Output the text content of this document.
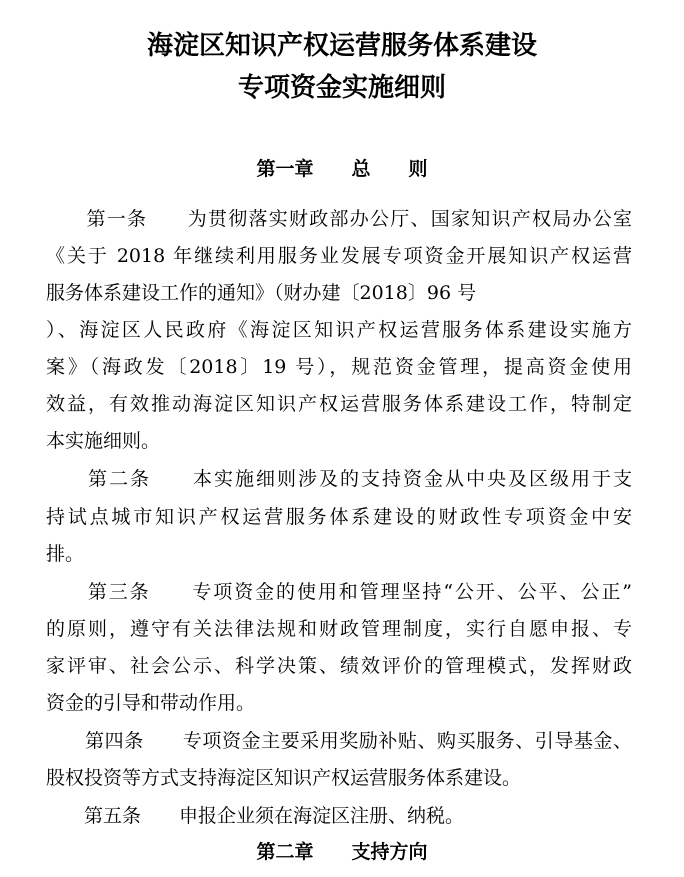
海淀区知识产权运营服务体系建设
专项资金实施细则
第一章　　总　　则

　　第一条　　为贯彻落实财政部办公厅、国家知识产权局办公室

《关于 2018 年继续利用服务业发展专项资金开展知识产权运营

服务体系建设工作的通知》（财办建〔2018〕96 号

）、海淀区人民政府《海淀区知识产权运营服务体系建设实施方

案》（海政发〔2018〕19 号），规范资金管理，提高资金使用

效益，有效推动海淀区知识产权运营服务体系建设工作，特制定

本实施细则。

　　第二条　　本实施细则涉及的支持资金从中央及区级用于支

持试点城市知识产权运营服务体系建设的财政性专项资金中安

排。

　　第三条　　专项资金的使用和管理坚持“公开、公平、公正”

的原则，遵守有关法律法规和财政管理制度，实行自愿申报、专

家评审、社会公示、科学决策、绩效评价的管理模式，发挥财政

资金的引导和带动作用。

　　第四条　　专项资金主要采用奖励补贴、购买服务、引导基金、

股权投资等方式支持海淀区知识产权运营服务体系建设。

　　第五条　　申报企业须在海淀区注册、纳税。

第二章　　支持方向
